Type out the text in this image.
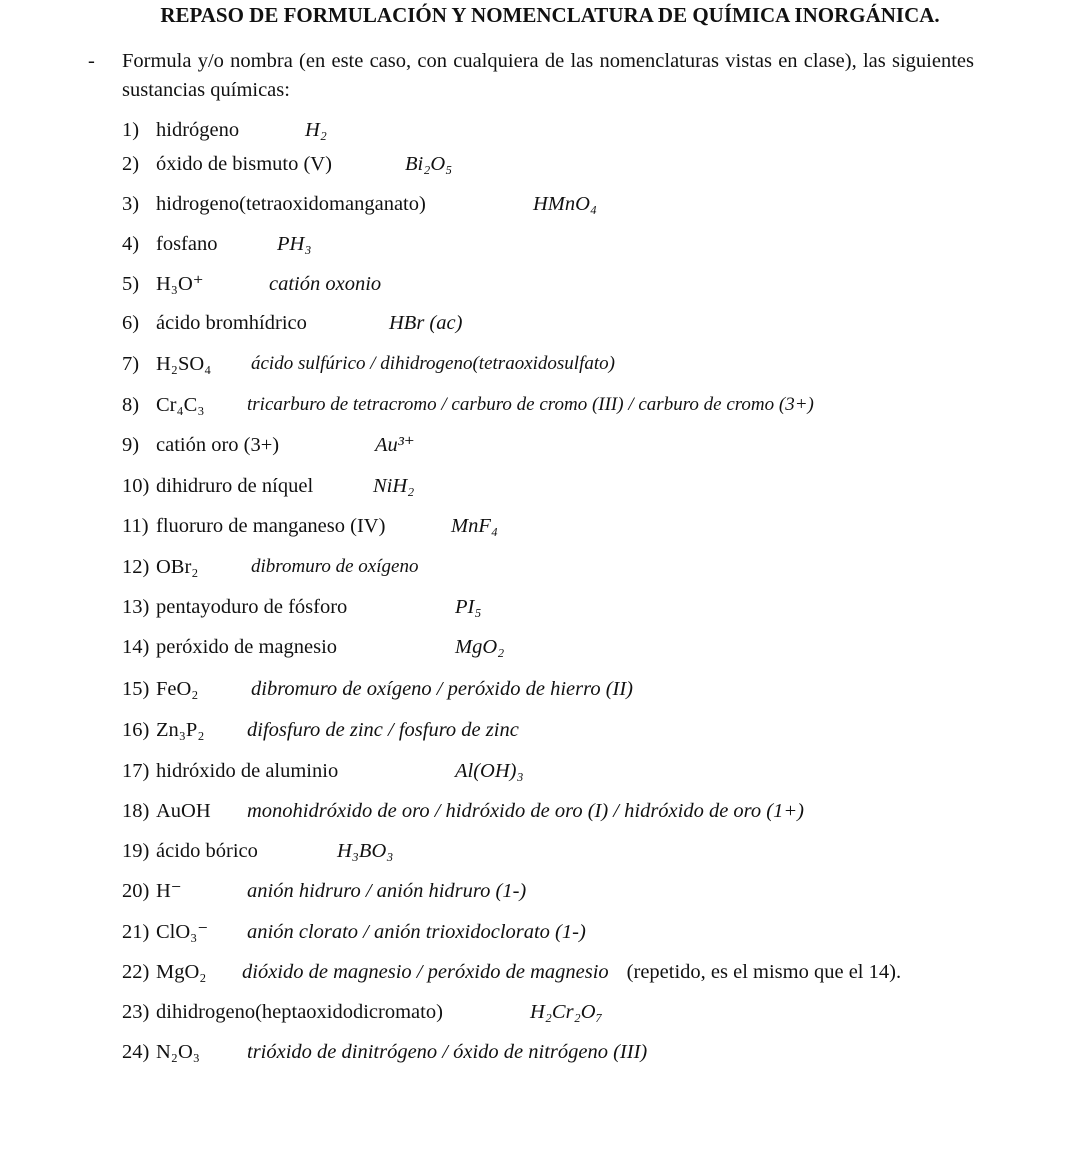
REPASO DE FORMULACIÓN Y NOMENCLATURA DE QUÍMICA INORGÁNICA.
- Formula y/o nombra (en este caso, con cualquiera de las nomenclaturas vistas en clase), las siguientes sustancias químicas:
1) hidrógeno	H₂
2) óxido de bismuto (V)	Bi₂O₅
3) hidrogeno(tetraoxidomanganato)	HMnO₄
4) fosfano	PH₃
5) H₃O⁺	catión oxonio
6) ácido bromhídrico	HBr (ac)
7) H₂SO₄ ácido sulfúrico / dihidrogeno(tetraoxidosulfato)
8) Cr₄C₃ tricarburo de tetracromo / carburo de cromo (III) / carburo de cromo (3+)
9) catión oro (3+)	Au³⁺
10) dihidruro de níquel	NiH₂
11) fluoruro de manganeso (IV)	MnF₄
12) OBr₂	dibromuro de oxígeno
13) pentayoduro de fósforo	PI₅
14) peróxido de magnesio	MgO₂
15) FeO₂	dibromuro de oxígeno / peróxido de hierro (II)
16) Zn₃P₂ difosfuro de zinc / fosfuro de zinc
17) hidróxido de aluminio	Al(OH)₃
18) AuOH monohidróxido de oro / hidróxido de oro (I) / hidróxido de oro (1+)
19) ácido bórico	H₃BO₃
20) H⁻	anión hidruro / anión hidruro (1-)
21) ClO₃⁻ anión clorato / anión trioxidoclorato (1-)
22) MgO₂ dióxido de magnesio / peróxido de magnesio (repetido, es el mismo que el 14).
23) dihidrogeno(heptaoxidodicromato)	H₂Cr₂O₇
24) N₂O₃ trióxido de dinitrógeno / óxido de nitrógeno (III)
